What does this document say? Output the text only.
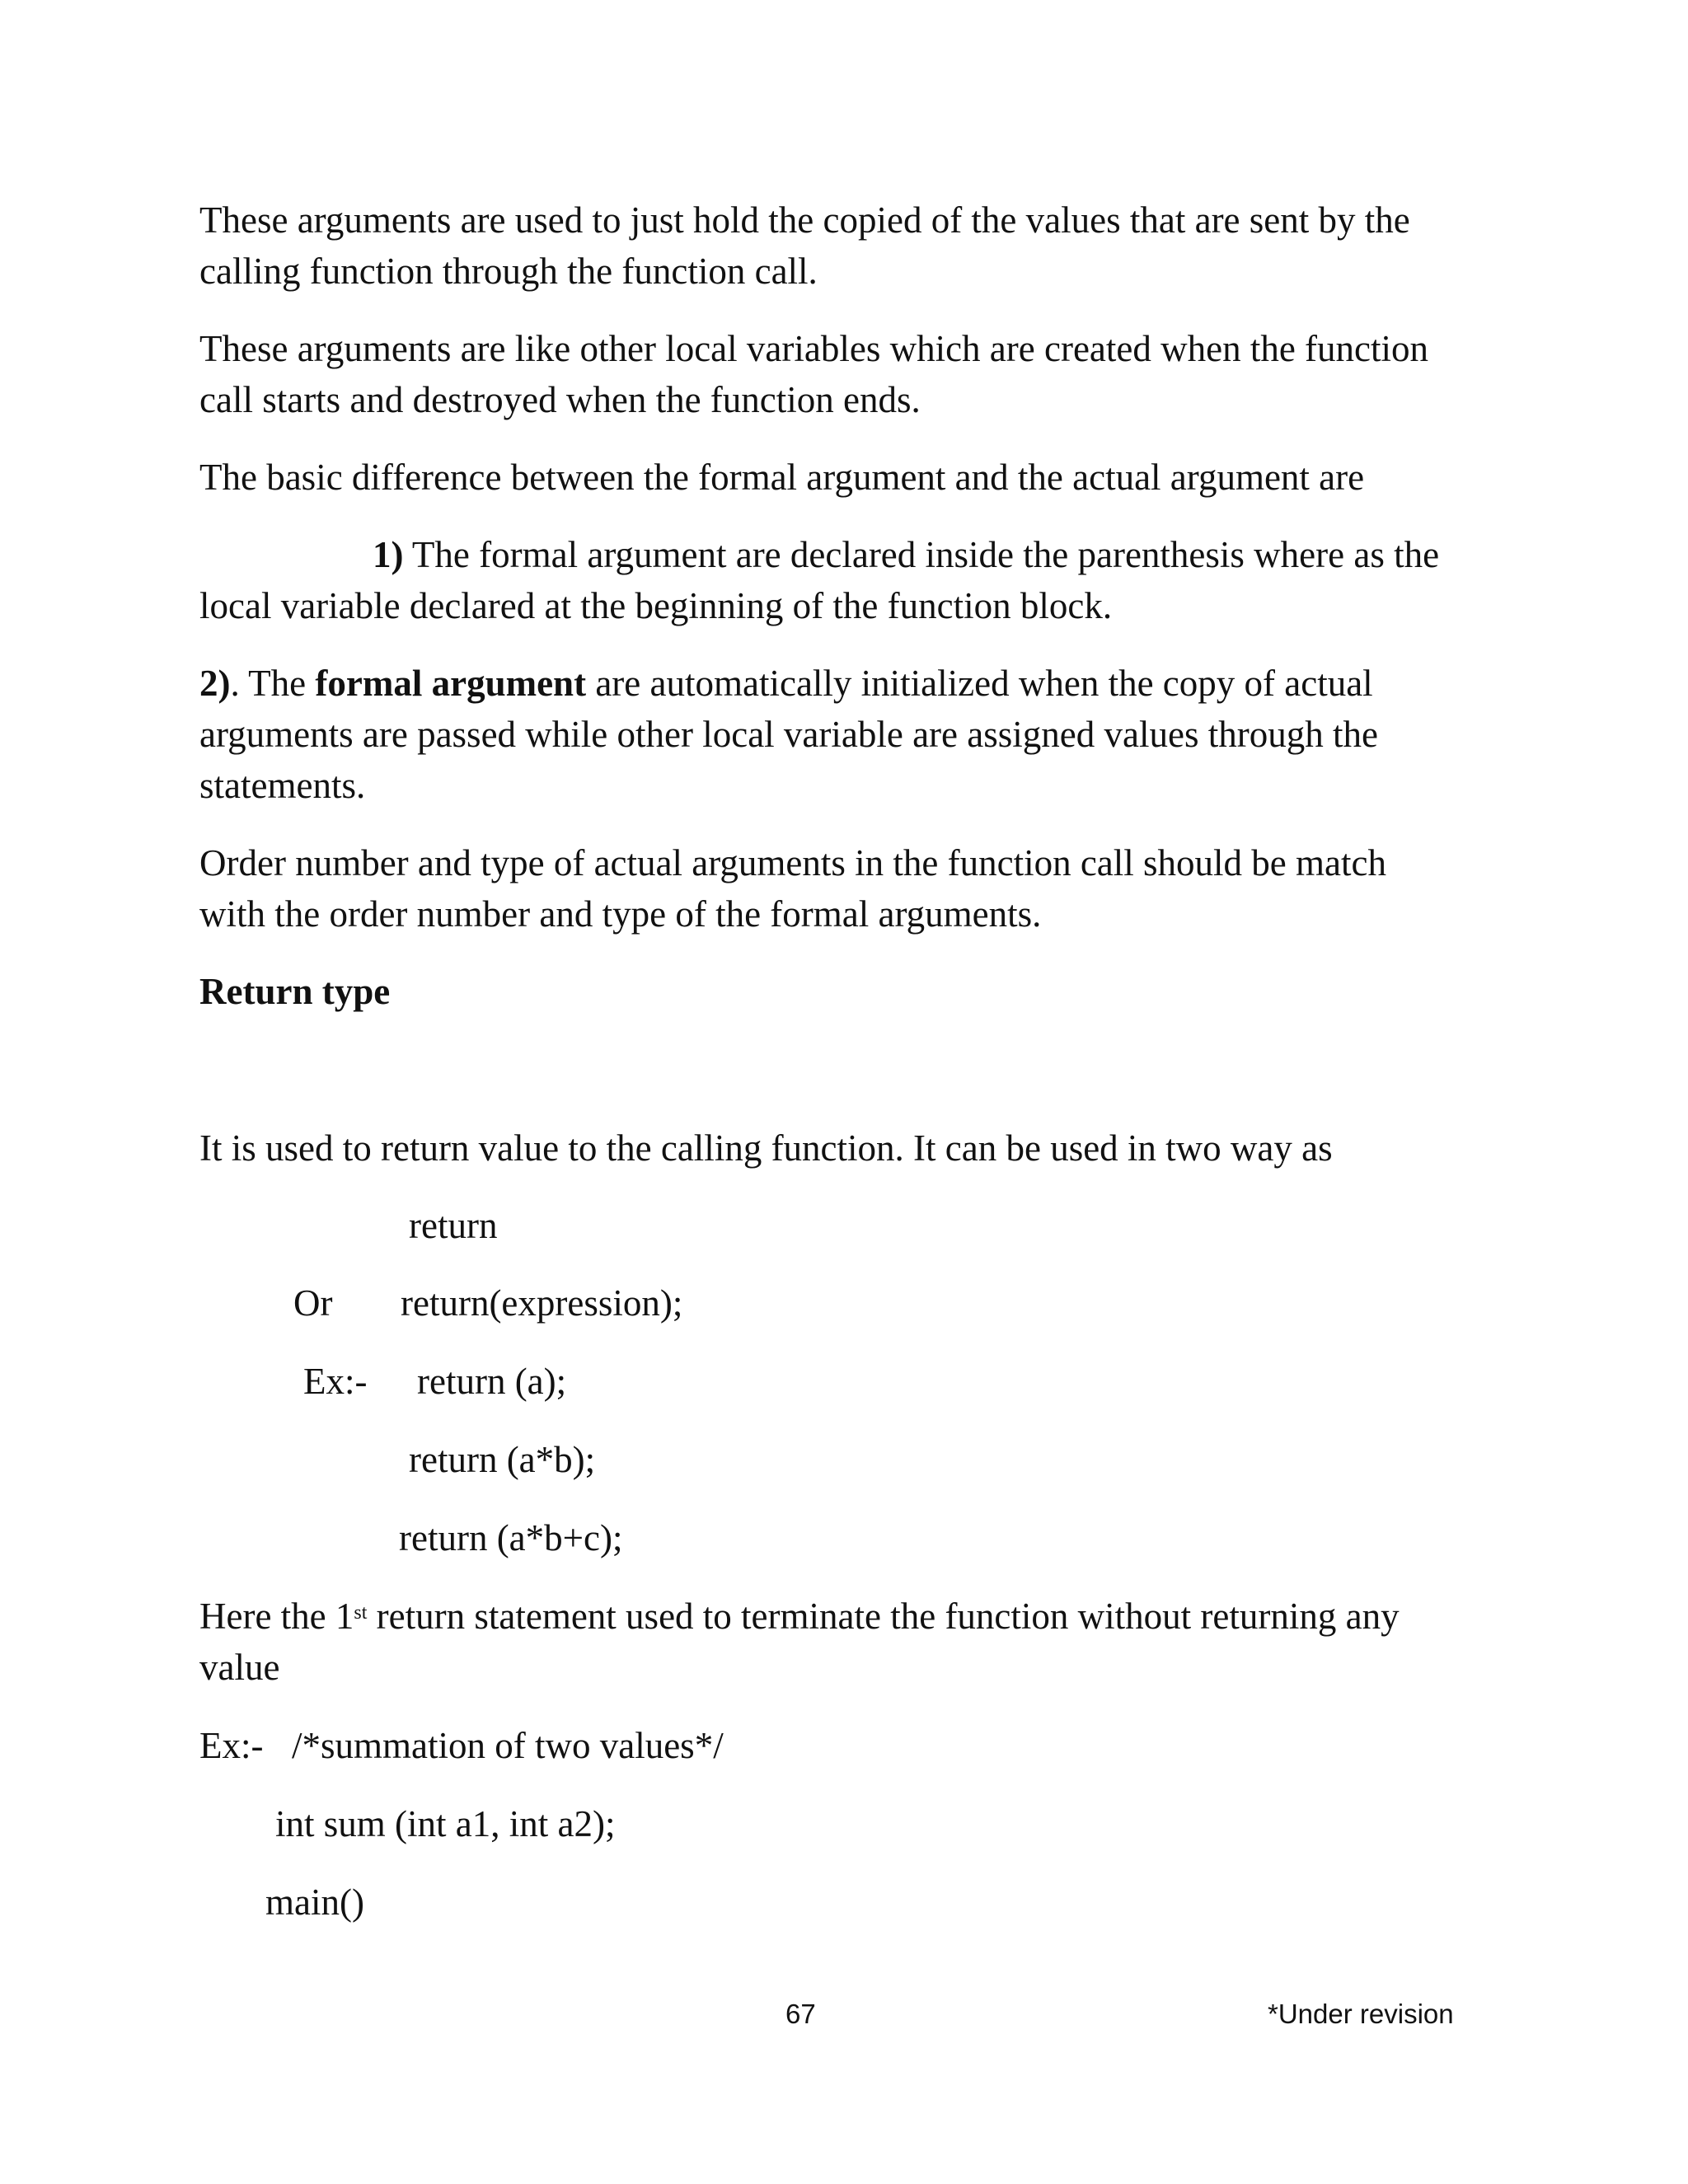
These arguments are used to just hold the copied of the values that are sent by the
calling function through the function call.
These arguments are like other local variables which are created when the function
call starts and destroyed when the function ends.
The basic difference between the formal argument and the actual argument are
1) The formal argument are declared inside the parenthesis where as the
local variable declared at the beginning of the function block.
2). The formal argument are automatically initialized when the copy of actual
arguments are passed while other local variable are assigned values through the
statements.
Order number and type of actual arguments in the function call should be match
with the order number and type of the formal arguments.
Return type
It is used to return value to the calling function. It can be used in two way as
return
Or return(expression);
Ex:- return (a);
return (a*b);
return (a*b+c);
Here the 1st return statement used to terminate the function without returning any
value
Ex:- /*summation of two values*/
int sum (int a1, int a2);
main()
67	*Under revision
